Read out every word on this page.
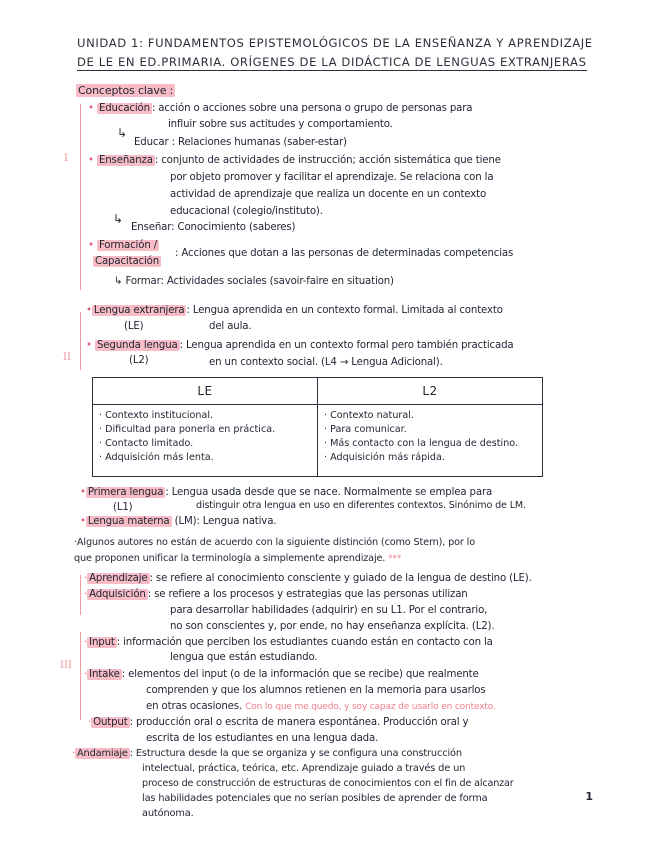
UNIDAD 1: FUNDAMENTOS EPISTEMOLÓGICOS DE LA ENSEÑANZA Y APRENDIZAJE
DE LE EN ED.PRIMARIA. ORÍGENES DE LA DIDÁCTICA DE LENGUAS EXTRANJERAS
Conceptos clave :
• Educación : acción o acciones sobre una persona o grupo de personas para
influir sobre sus actitudes y comportamiento.
↳
Educar : Relaciones humanas (saber-estar)
I • Enseñanza : conjunto de actividades de instrucción; acción sistemática que tiene
por objeto promover y facilitar el aprendizaje. Se relaciona con la
actividad de aprendizaje que realiza un docente en un contexto
educacional (colegio/instituto).
↳
Enseñar: Conocimiento (saberes)
• Formación /
Capacitación
: Acciones que dotan a las personas de determinadas competencias
↳ Formar: Actividades sociales (savoir-faire en situation)
• Lengua extranjera : Lengua aprendida en un contexto formal. Limitada al contexto
(LE)	del aula.
II
• Segunda lengua : Lengua aprendida en un contexto formal pero también practicada
(L2)	en un contexto social. (L4 → Lengua Adicional).
LE	L2

· Contexto institucional.
· Dificultad para ponerla en práctica.
· Contacto limitado.
· Adquisición más lenta.	· Contexto natural.
· Para comunicar.
· Más contacto con la lengua de destino.
· Adquisición más rápida.
• Primera lengua : Lengua usada desde que se nace. Normalmente se emplea para
(L1)	distinguir otra lengua en uso en diferentes contextos. Sinónimo de LM.
• Lengua materna (LM): Lengua nativa.
·Algunos autores no están de acuerdo con la siguiente distinción (como Stern), por lo
que proponen unificar la terminología a simplemente aprendizaje. ***
· Aprendizaje : se refiere al conocimiento consciente y guiado de la lengua de destino (LE).
· Adquisición : se refiere a los procesos y estrategias que las personas utilizan
para desarrollar habilidades (adquirir) en su L1. Por el contrario,
no son conscientes y, por ende, no hay enseñanza explícita. (L2).
III
· Input : información que perciben los estudiantes cuando están en contacto con la
lengua que están estudiando.
· Intake : elementos del input (o de la información que se recibe) que realmente
comprenden y que los alumnos retienen en la memoria para usarlos
en otras ocasiones. Con lo que me quedo, y soy capaz de usarlo en contexto.
· Output : producción oral o escrita de manera espontánea. Producción oral y
escrita de los estudiantes en una lengua dada.
· Andamiaje : Estructura desde la que se organiza y se configura una construcción
intelectual, práctica, teórica, etc. Aprendizaje guiado a través de un
proceso de construcción de estructuras de conocimientos con el fin de alcanzar
las habilidades potenciales que no serían posibles de aprender de forma
autónoma.
1
